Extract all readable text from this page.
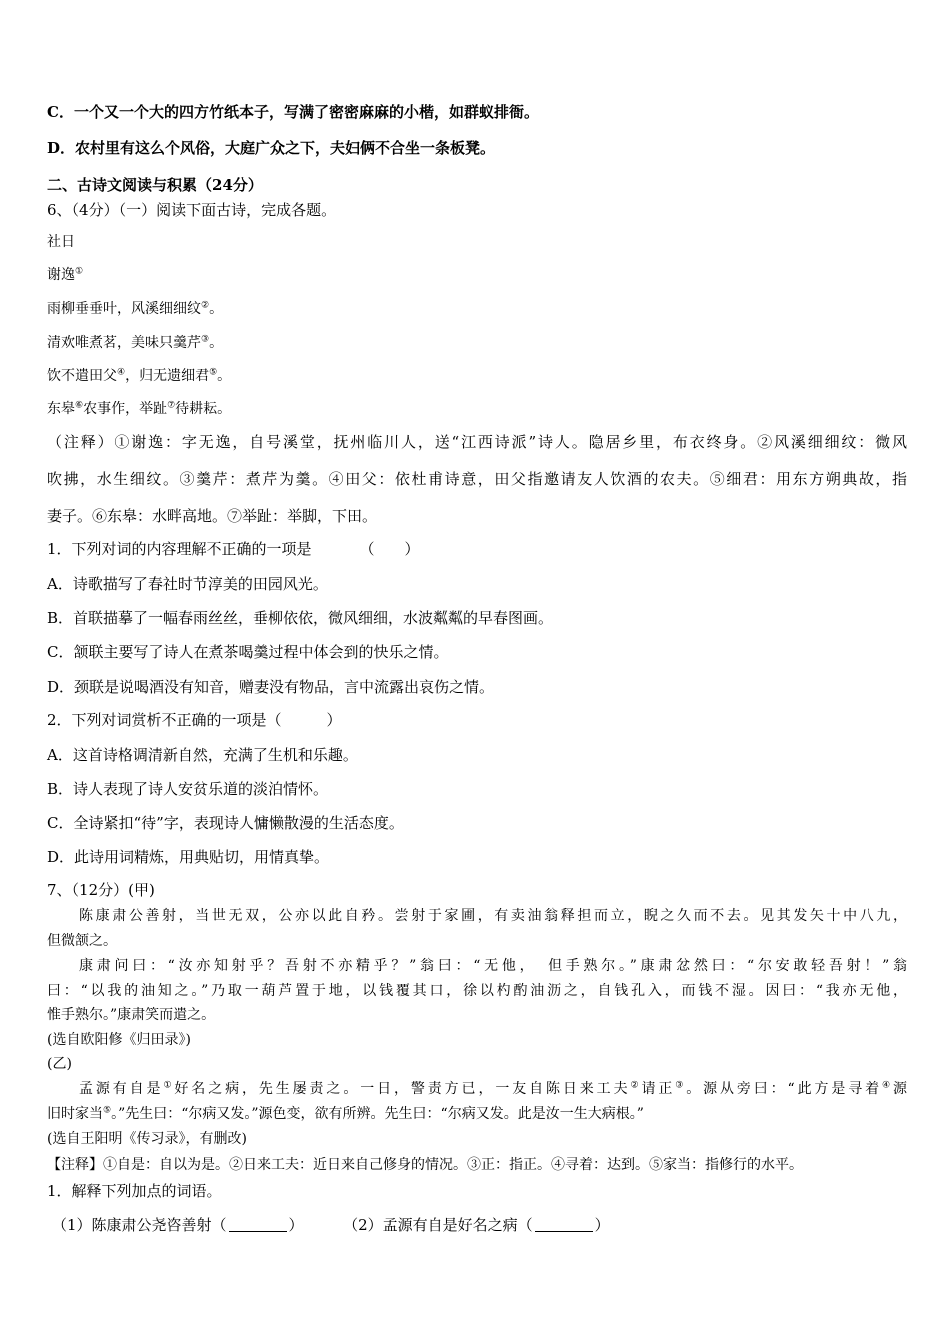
C．一个又一个大的四方竹纸本子，写满了密密麻麻的小楷，如群蚁排衙。
D．农村里有这么个风俗，大庭广众之下，夫妇俩不合坐一条板凳。
二、古诗文阅读与积累（24分）
6、（4分）（一）阅读下面古诗，完成各题。
社日
谢逸①
雨柳垂垂叶，风溪细细纹②。
清欢唯煮茗，美味只羹芹③。
饮不遣田父④，归无遗细君⑤。
东皋⑥农事作，举趾⑦待耕耘。
（注释）①谢逸：字无逸，自号溪堂，抚州临川人，送“江西诗派”诗人。隐居乡里，布衣终身。②风溪细细纹：微风
吹拂，水生细纹。③羹芹：煮芹为羹。④田父：依杜甫诗意，田父指邀请友人饮酒的农夫。⑤细君：用东方朔典故，指
妻子。⑥东皋：水畔高地。⑦举趾：举脚，下田。
1．下列对词的内容理解不正确的一项是	（　　）
A．诗歌描写了春社时节淳美的田园风光。
B．首联描摹了一幅春雨丝丝，垂柳依依，微风细细，水波粼粼的早春图画。
C．颔联主要写了诗人在煮茶喝羹过程中体会到的快乐之情。
D．颈联是说喝酒没有知音，赠妻没有物品，言中流露出哀伤之情。
2．下列对词赏析不正确的一项是（　　　）
A．这首诗格调清新自然，充满了生机和乐趣。
B．诗人表现了诗人安贫乐道的淡泊情怀。
C．全诗紧扣“待”字，表现诗人慵懒散漫的生活态度。
D．此诗用词精炼，用典贴切，用情真挚。
7、（12分）(甲)
陈康肃公善射，当世无双，公亦以此自矜。尝射于家圃，有卖油翁释担而立，睨之久而不去。见其发矢十中八九，
但微颔之。
康肃问曰：“汝亦知射乎？吾射不亦精乎？”翁曰：“无他，　但手熟尔。”康肃忿然曰：“尔安敢轻吾射！”翁
曰：“以我的油知之。”乃取一葫芦置于地，以钱覆其口，徐以杓酌油沥之，自钱孔入，而钱不湿。因曰：“我亦无他，
惟手熟尔。”康肃笑而遣之。
(选自欧阳修《归田录》)
(乙)
孟源有自是①好名之病，先生屡责之。一日，警责方已，一友自陈日来工夫②请正③。源从旁曰：“此方是寻着④源
旧时家当⑤。”先生曰：“尔病又发。”源色变，欲有所辨。先生曰：“尔病又发。此是汝一生大病根。”
(选自王阳明《传习录》，有删改)
【注释】①自是：自以为是。②日来工夫：近日来自己修身的情况。③正：指正。④寻着：达到。⑤家当：指修行的水平。
1．解释下列加点的词语。
（1）陈康肃公尧咨善射（	）	（2）孟源有自是好名之病（	）
